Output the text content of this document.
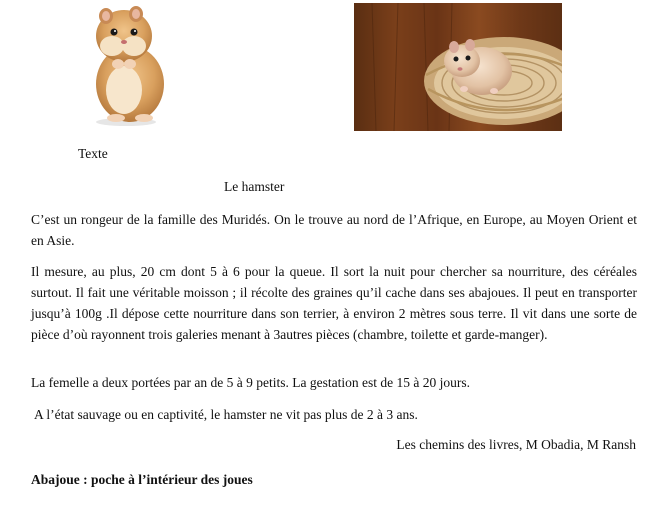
Texte
Le hamster

C’est un rongeur de la famille des Muridés. On le trouve au nord de l’Afrique, en Europe, au Moyen Orient et en Asie.

Il mesure, au plus, 20 cm dont 5 à 6 pour la queue. Il sort la nuit pour chercher sa nourriture, des céréales surtout. Il fait une véritable moisson ; il récolte des graines qu’il cache dans ses abajoues. Il peut en transporter jusqu’à 100g .Il dépose cette nourriture dans son terrier, à environ 2 mètres sous terre. Il vit dans une sorte de pièce d’où rayonnent trois galeries menant à 3autres pièces (chambre, toilette et garde-manger).

La femelle a deux portées par an de 5 à 9 petits. La gestation est de 15 à 20 jours.

A l’état sauvage ou en captivité, le hamster ne vit pas plus de 2 à 3 ans.

Les chemins des livres, M Obadia, M Ransh
Abajoue : poche à l’intérieur des joues
